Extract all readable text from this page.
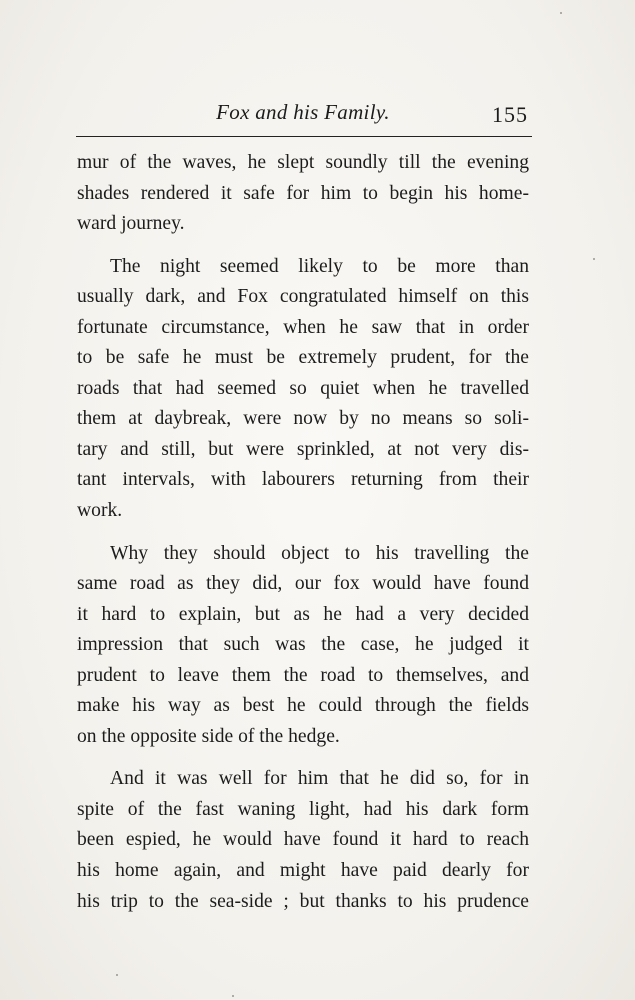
Fox and his Family.	155
mur of the waves, he slept soundly till the evening
shades rendered it safe for him to begin his home-
ward journey.
The night seemed likely to be more than
usually dark, and Fox congratulated himself on this
fortunate circumstance, when he saw that in order
to be safe he must be extremely prudent, for the
roads that had seemed so quiet when he travelled
them at daybreak, were now by no means so soli-
tary and still, but were sprinkled, at not very dis-
tant intervals, with labourers returning from their
work.
Why they should object to his travelling the
same road as they did, our fox would have found
it hard to explain, but as he had a very decided
impression that such was the case, he judged it
prudent to leave them the road to themselves, and
make his way as best he could through the fields
on the opposite side of the hedge.
And it was well for him that he did so, for in
spite of the fast waning light, had his dark form
been espied, he would have found it hard to reach
his home again, and might have paid dearly for
his trip to the sea-side ; but thanks to his prudence
